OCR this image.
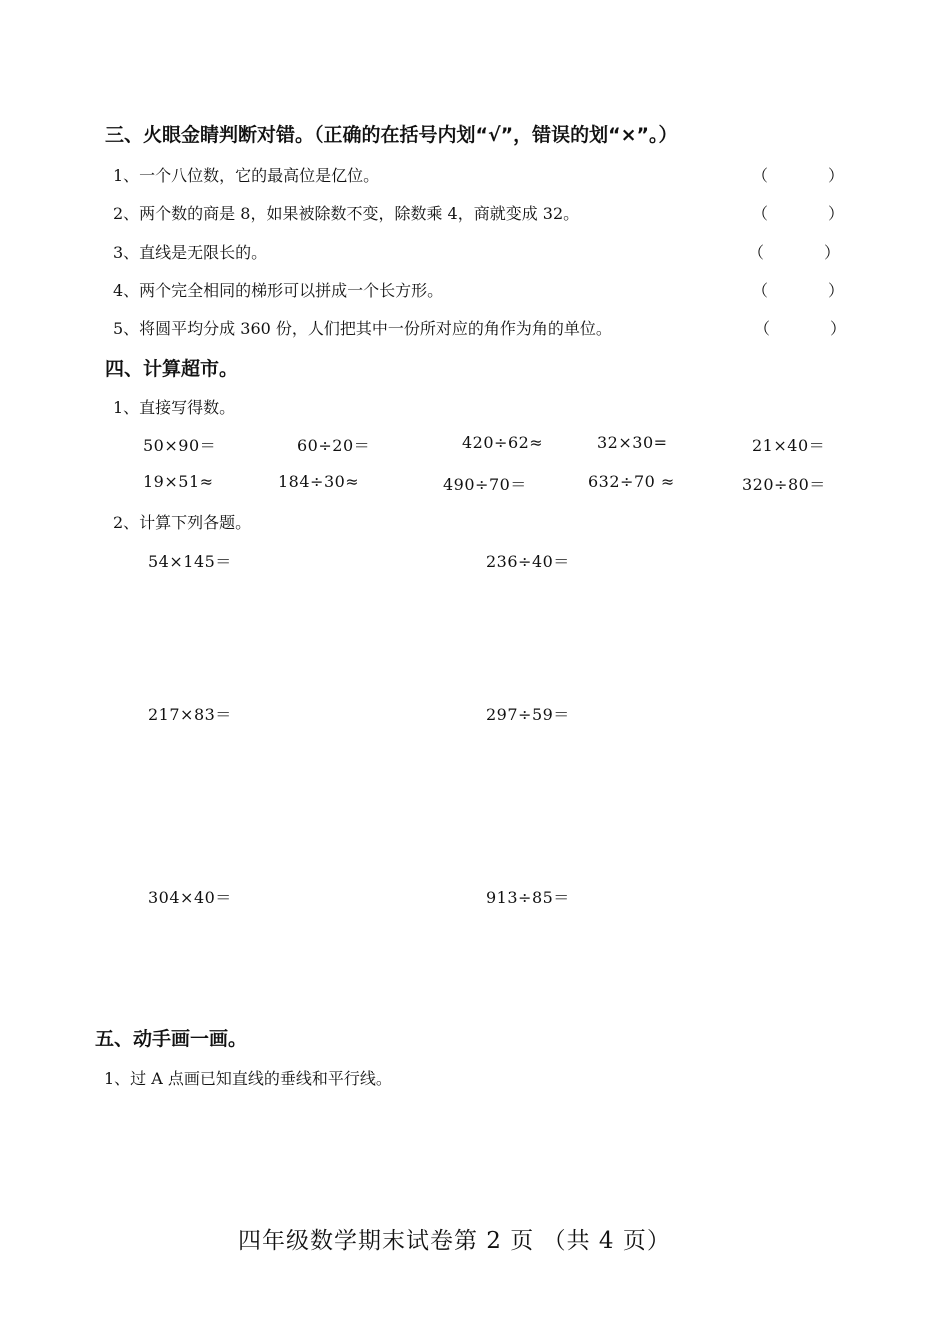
三、火眼金睛判断对错。（正确的在括号内划“√”，错误的划“×”。）
1、一个八位数，它的最高位是亿位。	（	）
2、两个数的商是 8，如果被除数不变，除数乘 4，商就变成 32。	（	）
3、直线是无限长的。	（	）
4、两个完全相同的梯形可以拼成一个长方形。	（	）
5、将圆平均分成 360 份，人们把其中一份所对应的角作为角的单位。	（	）
四、计算超市。
1、直接写得数。
50×90＝	60÷20＝	420÷62≈	32×30=	21×40＝
19×51≈	184÷30≈	490÷70＝	632÷70 ≈	320÷80＝
2、计算下列各题。
54×145＝	236÷40＝
217×83＝	297÷59＝
304×40＝	913÷85＝
五、动手画一画。
1、过 A 点画已知直线的垂线和平行线。
四年级数学期末试卷第 2 页 （共 4 页）
